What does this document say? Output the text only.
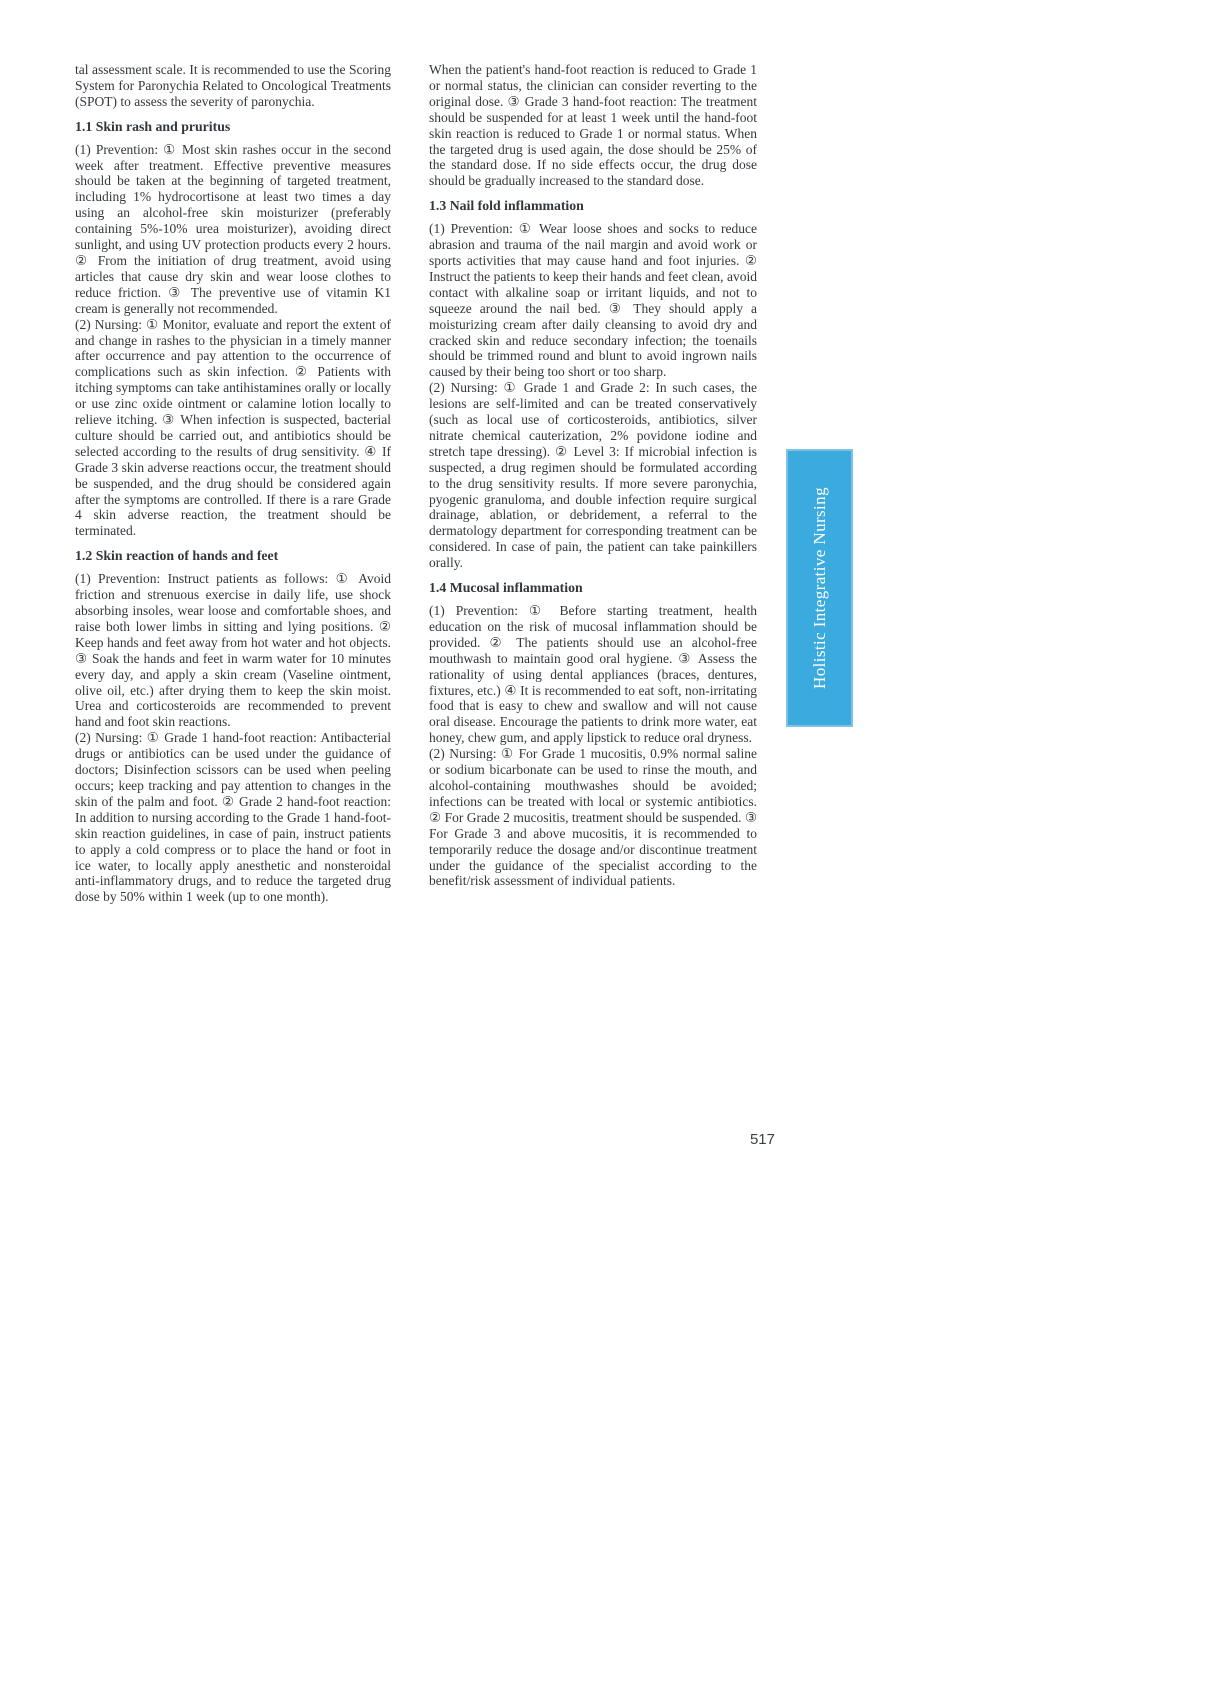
tal assessment scale. It is recommended to use the Scoring System for Paronychia Related to Oncological Treatments (SPOT) to assess the severity of paronychia.

1.1 Skin rash and pruritus

(1) Prevention: ① Most skin rashes occur in the second week after treatment. Effective preventive measures should be taken at the beginning of targeted treatment, including 1% hydrocortisone at least two times a day using an alcohol-free skin moisturizer (preferably containing 5%-10% urea moisturizer), avoiding direct sunlight, and using UV protection products every 2 hours. ② From the initiation of drug treatment, avoid using articles that cause dry skin and wear loose clothes to reduce friction. ③ The preventive use of vitamin K1 cream is generally not recommended.

(2) Nursing: ① Monitor, evaluate and report the extent of and change in rashes to the physician in a timely manner after occurrence and pay attention to the occurrence of complications such as skin infection. ② Patients with itching symptoms can take antihistamines orally or locally or use zinc oxide ointment or calamine lotion locally to relieve itching. ③ When infection is suspected, bacterial culture should be carried out, and antibiotics should be selected according to the results of drug sensitivity. ④ If Grade 3 skin adverse reactions occur, the treatment should be suspended, and the drug should be considered again after the symptoms are controlled. If there is a rare Grade 4 skin adverse reaction, the treatment should be terminated.

1.2 Skin reaction of hands and feet

(1) Prevention: Instruct patients as follows: ① Avoid friction and strenuous exercise in daily life, use shock absorbing insoles, wear loose and comfortable shoes, and raise both lower limbs in sitting and lying positions. ② Keep hands and feet away from hot water and hot objects. ③ Soak the hands and feet in warm water for 10 minutes every day, and apply a skin cream (Vaseline ointment, olive oil, etc.) after drying them to keep the skin moist. Urea and corticosteroids are recommended to prevent hand and foot skin reactions.

(2) Nursing: ① Grade 1 hand-foot reaction: Antibacterial drugs or antibiotics can be used under the guidance of doctors; Disinfection scissors can be used when peeling occurs; keep tracking and pay attention to changes in the skin of the palm and foot. ② Grade 2 hand-foot reaction: In addition to nursing according to the Grade 1 hand-foot-skin reaction guidelines, in case of pain, instruct patients to apply a cold compress or to place the hand or foot in ice water, to locally apply anesthetic and nonsteroidal anti-inflammatory drugs, and to reduce the targeted drug dose by 50% within 1 week (up to one month).

When the patient's hand-foot reaction is reduced to Grade 1 or normal status, the clinician can consider reverting to the original dose. ③ Grade 3 hand-foot reaction: The treatment should be suspended for at least 1 week until the hand-foot skin reaction is reduced to Grade 1 or normal status. When the targeted drug is used again, the dose should be 25% of the standard dose. If no side effects occur, the drug dose should be gradually increased to the standard dose.

1.3 Nail fold inflammation

(1) Prevention: ① Wear loose shoes and socks to reduce abrasion and trauma of the nail margin and avoid work or sports activities that may cause hand and foot injuries. ② Instruct the patients to keep their hands and feet clean, avoid contact with alkaline soap or irritant liquids, and not to squeeze around the nail bed. ③ They should apply a moisturizing cream after daily cleansing to avoid dry and cracked skin and reduce secondary infection; the toenails should be trimmed round and blunt to avoid ingrown nails caused by their being too short or too sharp.

(2) Nursing: ① Grade 1 and Grade 2: In such cases, the lesions are self-limited and can be treated conservatively (such as local use of corticosteroids, antibiotics, silver nitrate chemical cauterization, 2% povidone iodine and stretch tape dressing). ② Level 3: If microbial infection is suspected, a drug regimen should be formulated according to the drug sensitivity results. If more severe paronychia, pyogenic granuloma, and double infection require surgical drainage, ablation, or debridement, a referral to the dermatology department for corresponding treatment can be considered. In case of pain, the patient can take painkillers orally.

1.4 Mucosal inflammation

(1) Prevention: ① Before starting treatment, health education on the risk of mucosal inflammation should be provided. ② The patients should use an alcohol-free mouthwash to maintain good oral hygiene. ③ Assess the rationality of using dental appliances (braces, dentures, fixtures, etc.) ④ It is recommended to eat soft, non-irritating food that is easy to chew and swallow and will not cause oral disease. Encourage the patients to drink more water, eat honey, chew gum, and apply lipstick to reduce oral dryness.

(2) Nursing: ① For Grade 1 mucositis, 0.9% normal saline or sodium bicarbonate can be used to rinse the mouth, and alcohol-containing mouthwashes should be avoided; infections can be treated with local or systemic antibiotics. ② For Grade 2 mucositis, treatment should be suspended. ③ For Grade 3 and above mucositis, it is recommended to temporarily reduce the dosage and/or discontinue treatment under the guidance of the specialist according to the benefit/risk assessment of individual patients.

517
Holistic Integrative Nursing
